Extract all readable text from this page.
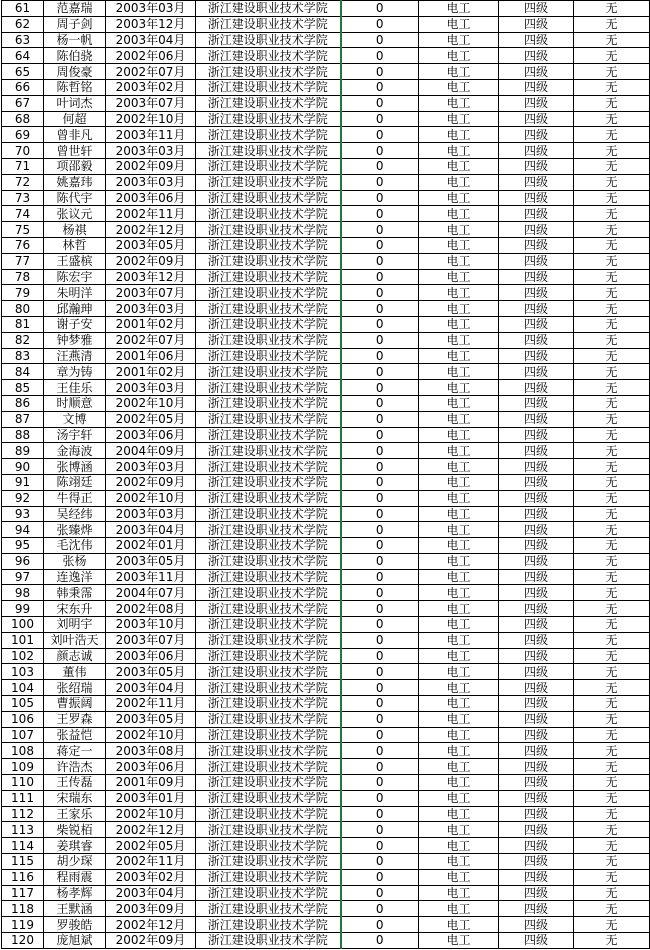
61	范嘉瑞	2003年03月	浙江建设职业技术学院	0	电工	四级	无
62	周子剑	2003年12月	浙江建设职业技术学院	0	电工	四级	无
63	杨一帆	2003年04月	浙江建设职业技术学院	0	电工	四级	无
64	陈伯骁	2002年06月	浙江建设职业技术学院	0	电工	四级	无
65	周俊豪	2002年07月	浙江建设职业技术学院	0	电工	四级	无
66	陈哲铭	2003年02月	浙江建设职业技术学院	0	电工	四级	无
67	叶词杰	2003年07月	浙江建设职业技术学院	0	电工	四级	无
68	何超	2002年10月	浙江建设职业技术学院	0	电工	四级	无
69	曾非凡	2003年11月	浙江建设职业技术学院	0	电工	四级	无
70	曾世轩	2003年03月	浙江建设职业技术学院	0	电工	四级	无
71	项邵毅	2002年09月	浙江建设职业技术学院	0	电工	四级	无
72	姚嘉玮	2003年03月	浙江建设职业技术学院	0	电工	四级	无
73	陈代宇	2003年06月	浙江建设职业技术学院	0	电工	四级	无
74	张议元	2002年11月	浙江建设职业技术学院	0	电工	四级	无
75	杨祺	2002年12月	浙江建设职业技术学院	0	电工	四级	无
76	林哲	2003年05月	浙江建设职业技术学院	0	电工	四级	无
77	王盛槟	2002年09月	浙江建设职业技术学院	0	电工	四级	无
78	陈宏宇	2003年12月	浙江建设职业技术学院	0	电工	四级	无
79	朱明洋	2003年07月	浙江建设职业技术学院	0	电工	四级	无
80	邱瀚珅	2003年03月	浙江建设职业技术学院	0	电工	四级	无
81	谢子安	2001年02月	浙江建设职业技术学院	0	电工	四级	无
82	钟梦雅	2002年07月	浙江建设职业技术学院	0	电工	四级	无
83	汪燕清	2001年06月	浙江建设职业技术学院	0	电工	四级	无
84	章为铸	2001年02月	浙江建设职业技术学院	0	电工	四级	无
85	王佳乐	2003年03月	浙江建设职业技术学院	0	电工	四级	无
86	时顺意	2002年10月	浙江建设职业技术学院	0	电工	四级	无
87	文博	2002年05月	浙江建设职业技术学院	0	电工	四级	无
88	汤宇轩	2003年06月	浙江建设职业技术学院	0	电工	四级	无
89	金海波	2004年09月	浙江建设职业技术学院	0	电工	四级	无
90	张博涵	2003年03月	浙江建设职业技术学院	0	电工	四级	无
91	陈翊廷	2002年09月	浙江建设职业技术学院	0	电工	四级	无
92	牛得正	2002年10月	浙江建设职业技术学院	0	电工	四级	无
93	吴经纬	2003年03月	浙江建设职业技术学院	0	电工	四级	无
94	张臻烨	2003年04月	浙江建设职业技术学院	0	电工	四级	无
95	毛沈伟	2002年01月	浙江建设职业技术学院	0	电工	四级	无
96	张杨	2003年05月	浙江建设职业技术学院	0	电工	四级	无
97	连逸洋	2003年11月	浙江建设职业技术学院	0	电工	四级	无
98	韩秉霈	2004年07月	浙江建设职业技术学院	0	电工	四级	无
99	宋东升	2002年08月	浙江建设职业技术学院	0	电工	四级	无
100	刘明宇	2003年10月	浙江建设职业技术学院	0	电工	四级	无
101	刘叶浩天	2003年07月	浙江建设职业技术学院	0	电工	四级	无
102	颜志诚	2003年06月	浙江建设职业技术学院	0	电工	四级	无
103	董伟	2003年05月	浙江建设职业技术学院	0	电工	四级	无
104	张绍瑞	2003年04月	浙江建设职业技术学院	0	电工	四级	无
105	曹振阔	2002年11月	浙江建设职业技术学院	0	电工	四级	无
106	王罗森	2003年05月	浙江建设职业技术学院	0	电工	四级	无
107	张益恺	2002年10月	浙江建设职业技术学院	0	电工	四级	无
108	蒋定一	2003年08月	浙江建设职业技术学院	0	电工	四级	无
109	许浩杰	2003年06月	浙江建设职业技术学院	0	电工	四级	无
110	王传磊	2001年09月	浙江建设职业技术学院	0	电工	四级	无
111	宋瑞东	2003年01月	浙江建设职业技术学院	0	电工	四级	无
112	王家乐	2002年10月	浙江建设职业技术学院	0	电工	四级	无
113	柴锐栢	2002年12月	浙江建设职业技术学院	0	电工	四级	无
114	姜琪睿	2002年05月	浙江建设职业技术学院	0	电工	四级	无
115	胡少琛	2002年11月	浙江建设职业技术学院	0	电工	四级	无
116	程雨震	2003年02月	浙江建设职业技术学院	0	电工	四级	无
117	杨孝辉	2003年04月	浙江建设职业技术学院	0	电工	四级	无
118	王默涵	2003年09月	浙江建设职业技术学院	0	电工	四级	无
119	罗骏皓	2002年12月	浙江建设职业技术学院	0	电工	四级	无
120	庞旭斌	2002年09月	浙江建设职业技术学院	0	电工	四级	无
